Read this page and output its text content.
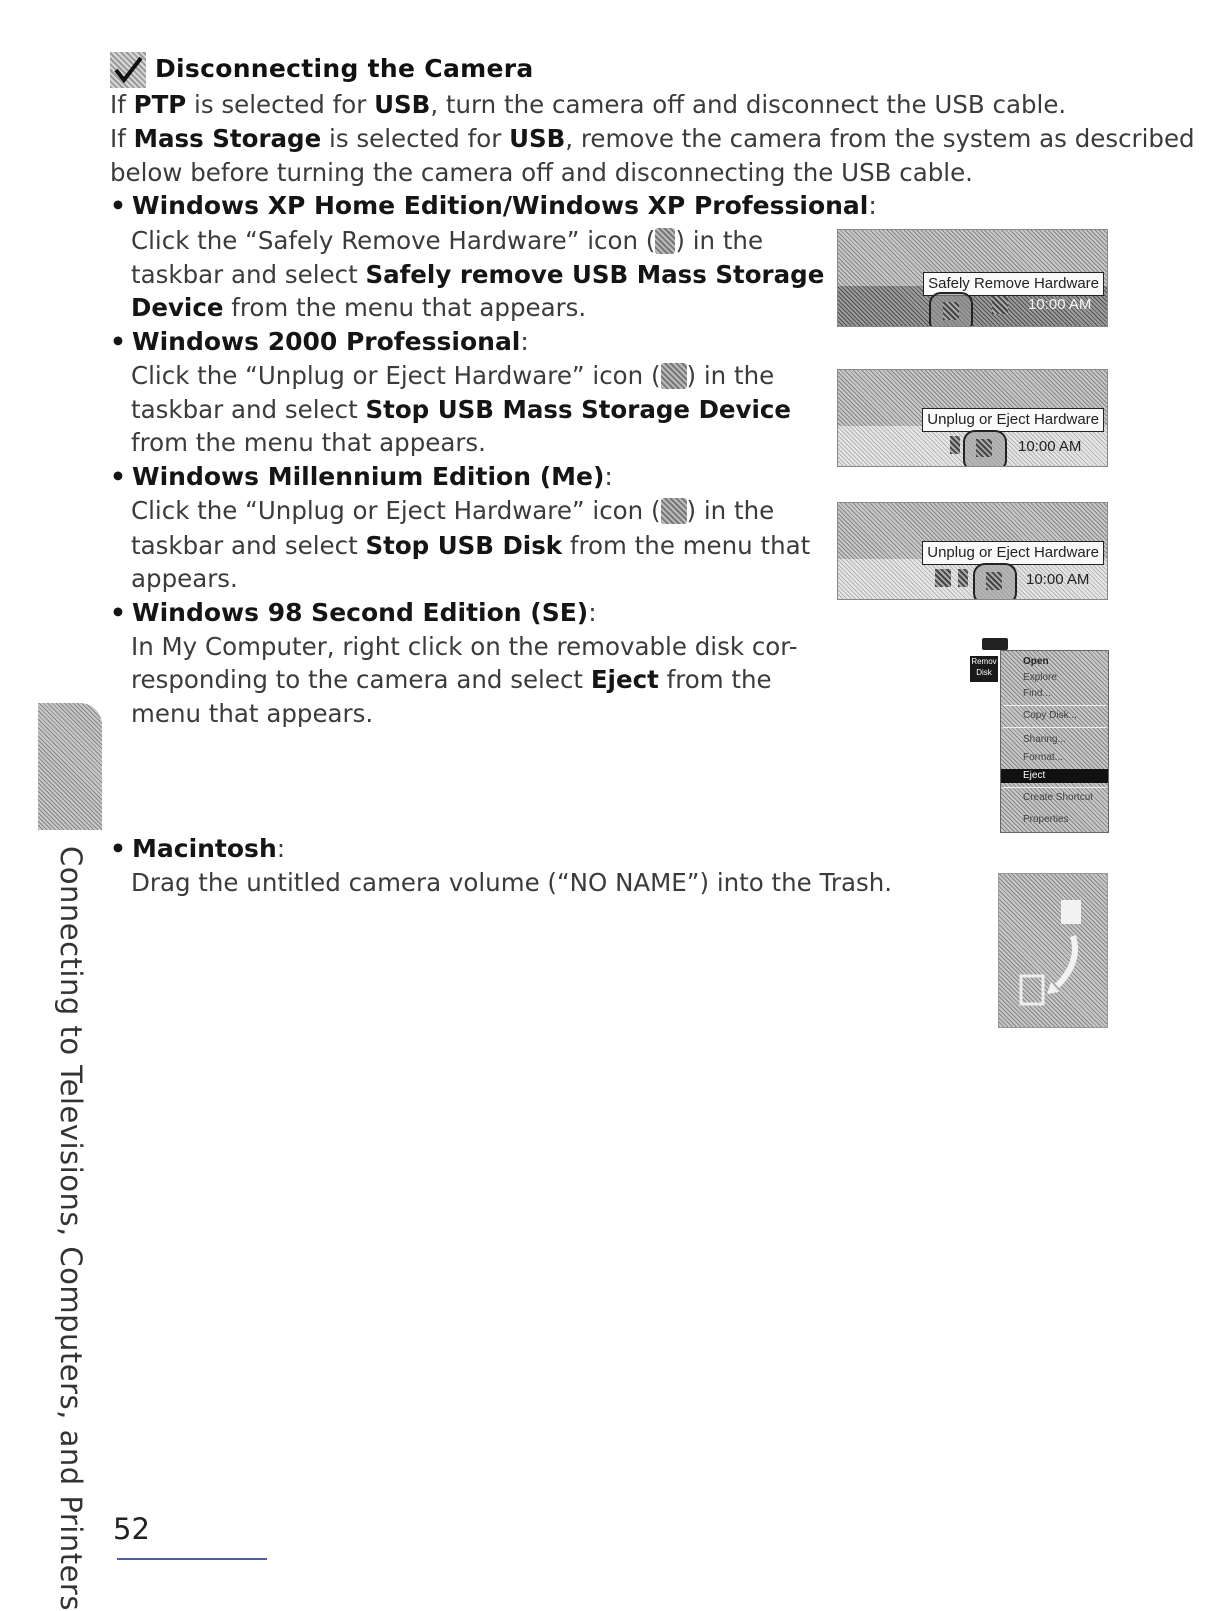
Disconnecting the Camera
If PTP is selected for USB, turn the camera off and disconnect the USB cable.
If Mass Storage is selected for USB, remove the camera from the system as described
below before turning the camera off and disconnecting the USB cable.
• Windows XP Home Edition/Windows XP Professional:
Click the “Safely Remove Hardware” icon ( ) in the
taskbar and select Safely remove USB Mass Storage
Device from the menu that appears.
• Windows 2000 Professional:
Click the “Unplug or Eject Hardware” icon ( ) in the
taskbar and select Stop USB Mass Storage Device
from the menu that appears.
• Windows Millennium Edition (Me):
Click the “Unplug or Eject Hardware” icon ( ) in the
taskbar and select Stop USB Disk from the menu that
appears.
• Windows 98 Second Edition (SE):
In My Computer, right click on the removable disk cor-
responding to the camera and select Eject from the
menu that appears.
• Macintosh:
Drag the untitled camera volume (“NO NAME”) into the Trash.
Safely Remove Hardware
10:00 AM
Unplug or Eject Hardware
10:00 AM
Unplug or Eject Hardware
10:00 AM
Remov Disk
Open
Explore
Find...
Copy Disk...
Sharing...
Format...
Eject
Create Shortcut
Properties
Connecting to Televisions, Computers, and Printers 52
